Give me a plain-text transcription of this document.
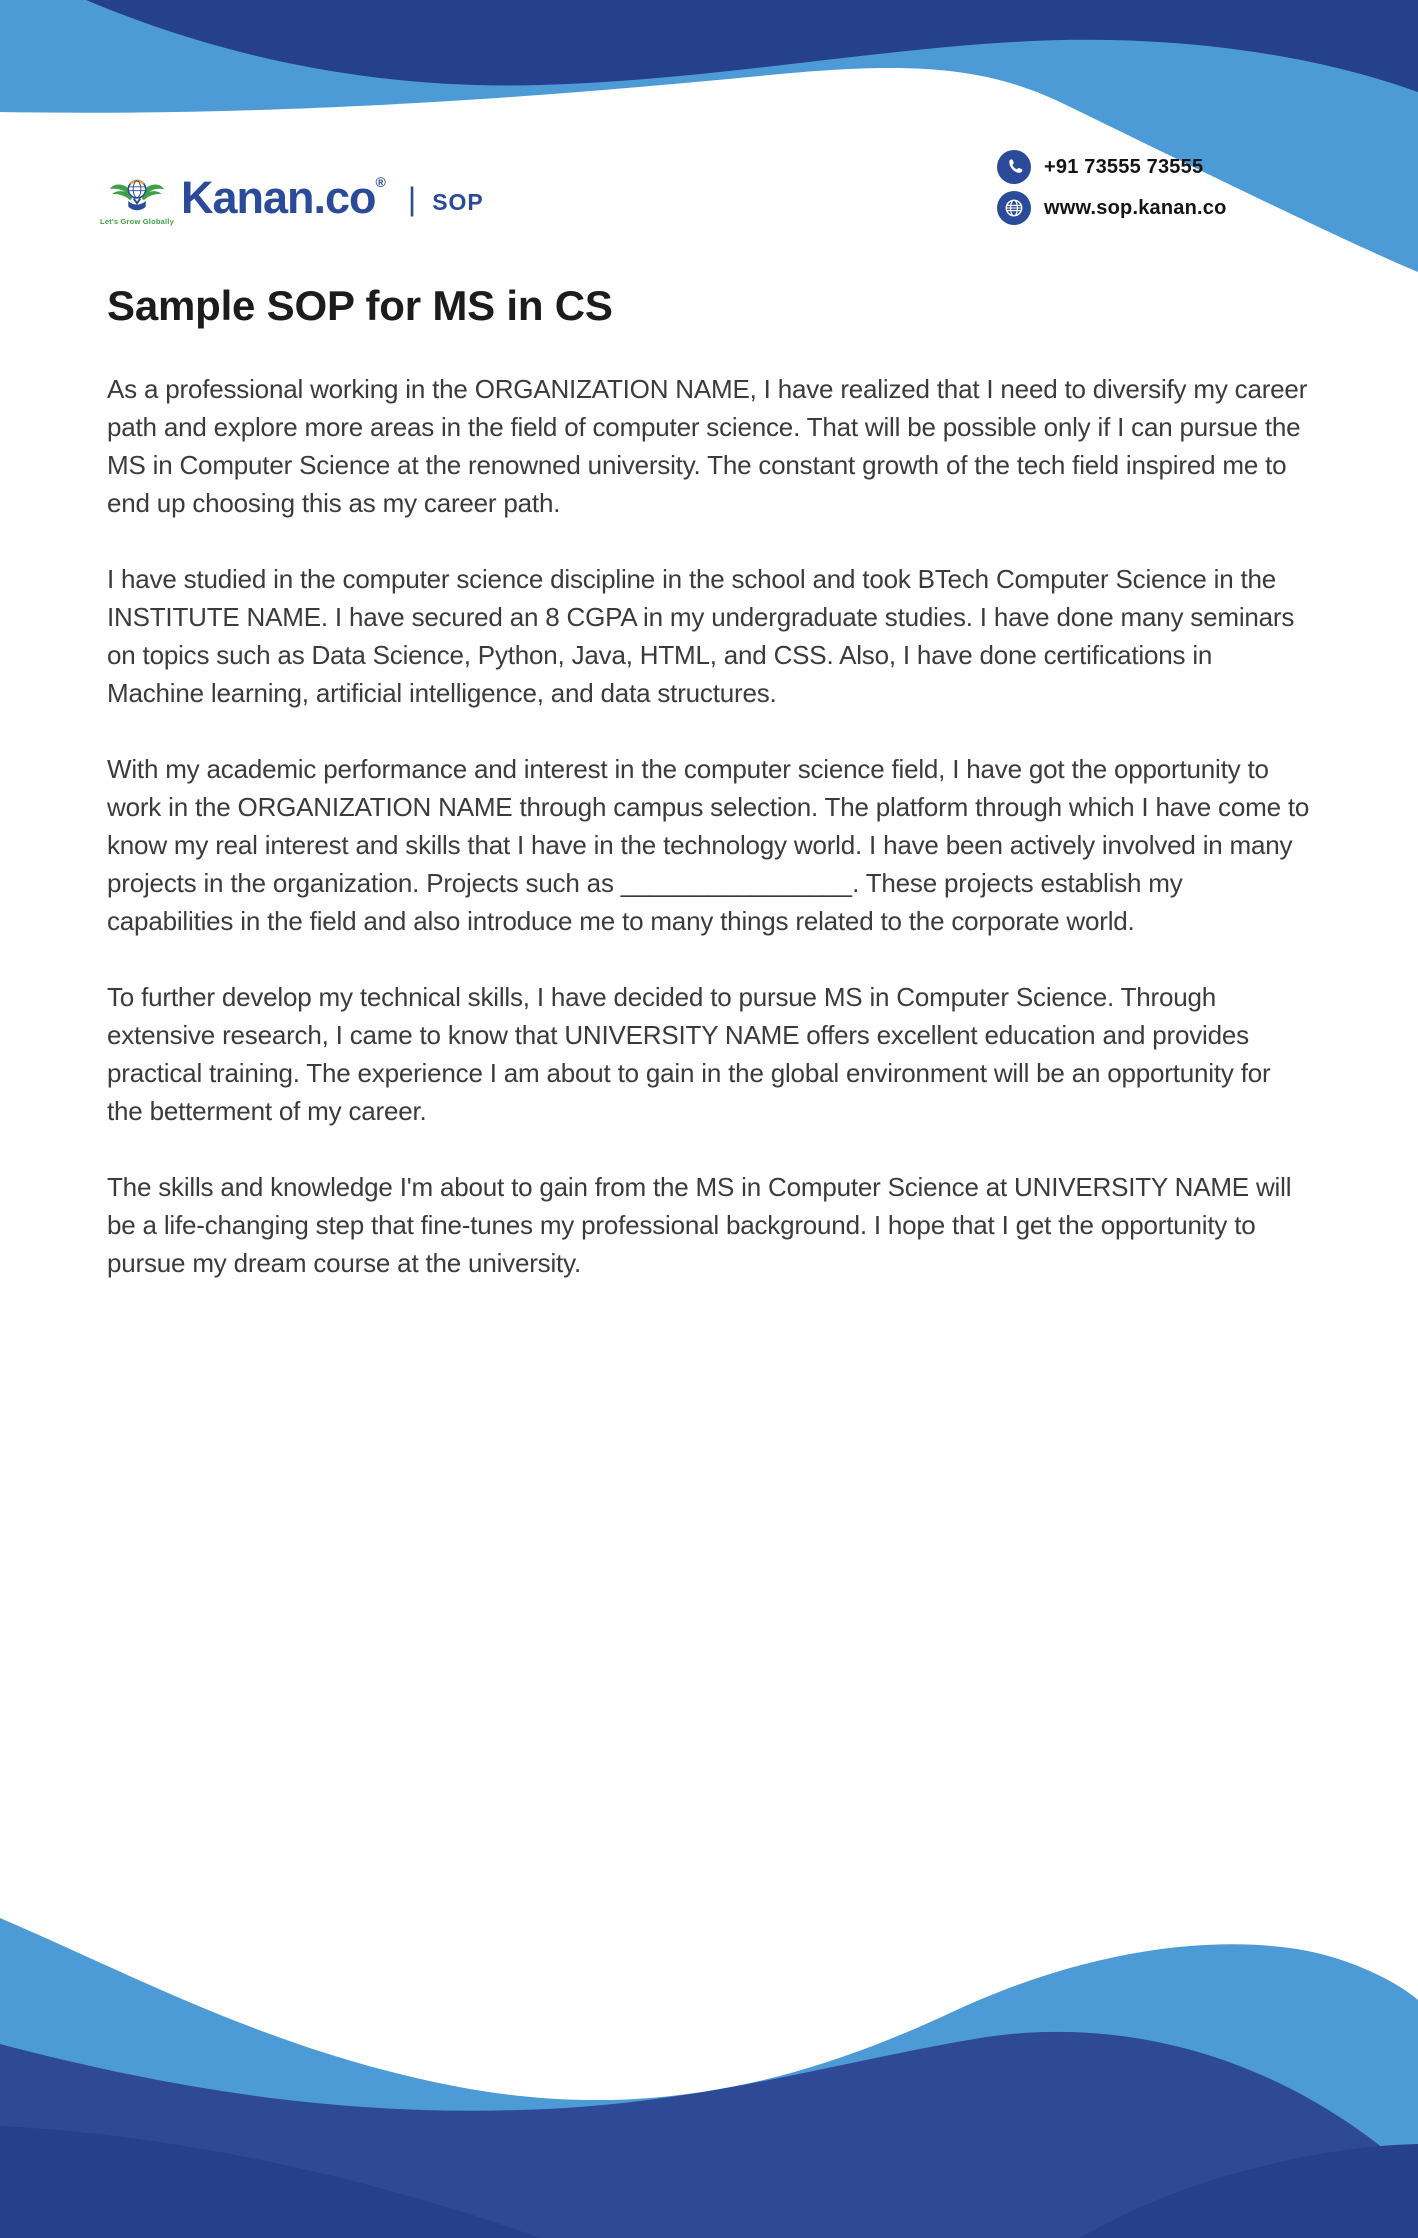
Let's Grow Globally Kanan.co® | SOP
+91 73555 73555
www.sop.kanan.co
Sample SOP for MS in CS

As a professional working in the ORGANIZATION NAME, I have realized that I need to diversify my career path and explore more areas in the field of computer science. That will be possible only if I can pursue the MS in Computer Science at the renowned university. The constant growth of the tech field inspired me to end up choosing this as my career path.

I have studied in the computer science discipline in the school and took BTech Computer Science in the INSTITUTE NAME. I have secured an 8 CGPA in my undergraduate studies. I have done many seminars on topics such as Data Science, Python, Java, HTML, and CSS. Also, I have done certifications in Machine learning, artificial intelligence, and data structures.

With my academic performance and interest in the computer science field, I have got the opportunity to work in the ORGANIZATION NAME through campus selection. The platform through which I have come to know my real interest and skills that I have in the technology world. I have been actively involved in many projects in the organization. Projects such as ________________. These projects establish my capabilities in the field and also introduce me to many things related to the corporate world.

To further develop my technical skills, I have decided to pursue MS in Computer Science. Through extensive research, I came to know that UNIVERSITY NAME offers excellent education and provides practical training. The experience I am about to gain in the global environment will be an opportunity for the betterment of my career.

The skills and knowledge I'm about to gain from the MS in Computer Science at UNIVERSITY NAME will be a life-changing step that fine-tunes my professional background. I hope that I get the opportunity to pursue my dream course at the university.
